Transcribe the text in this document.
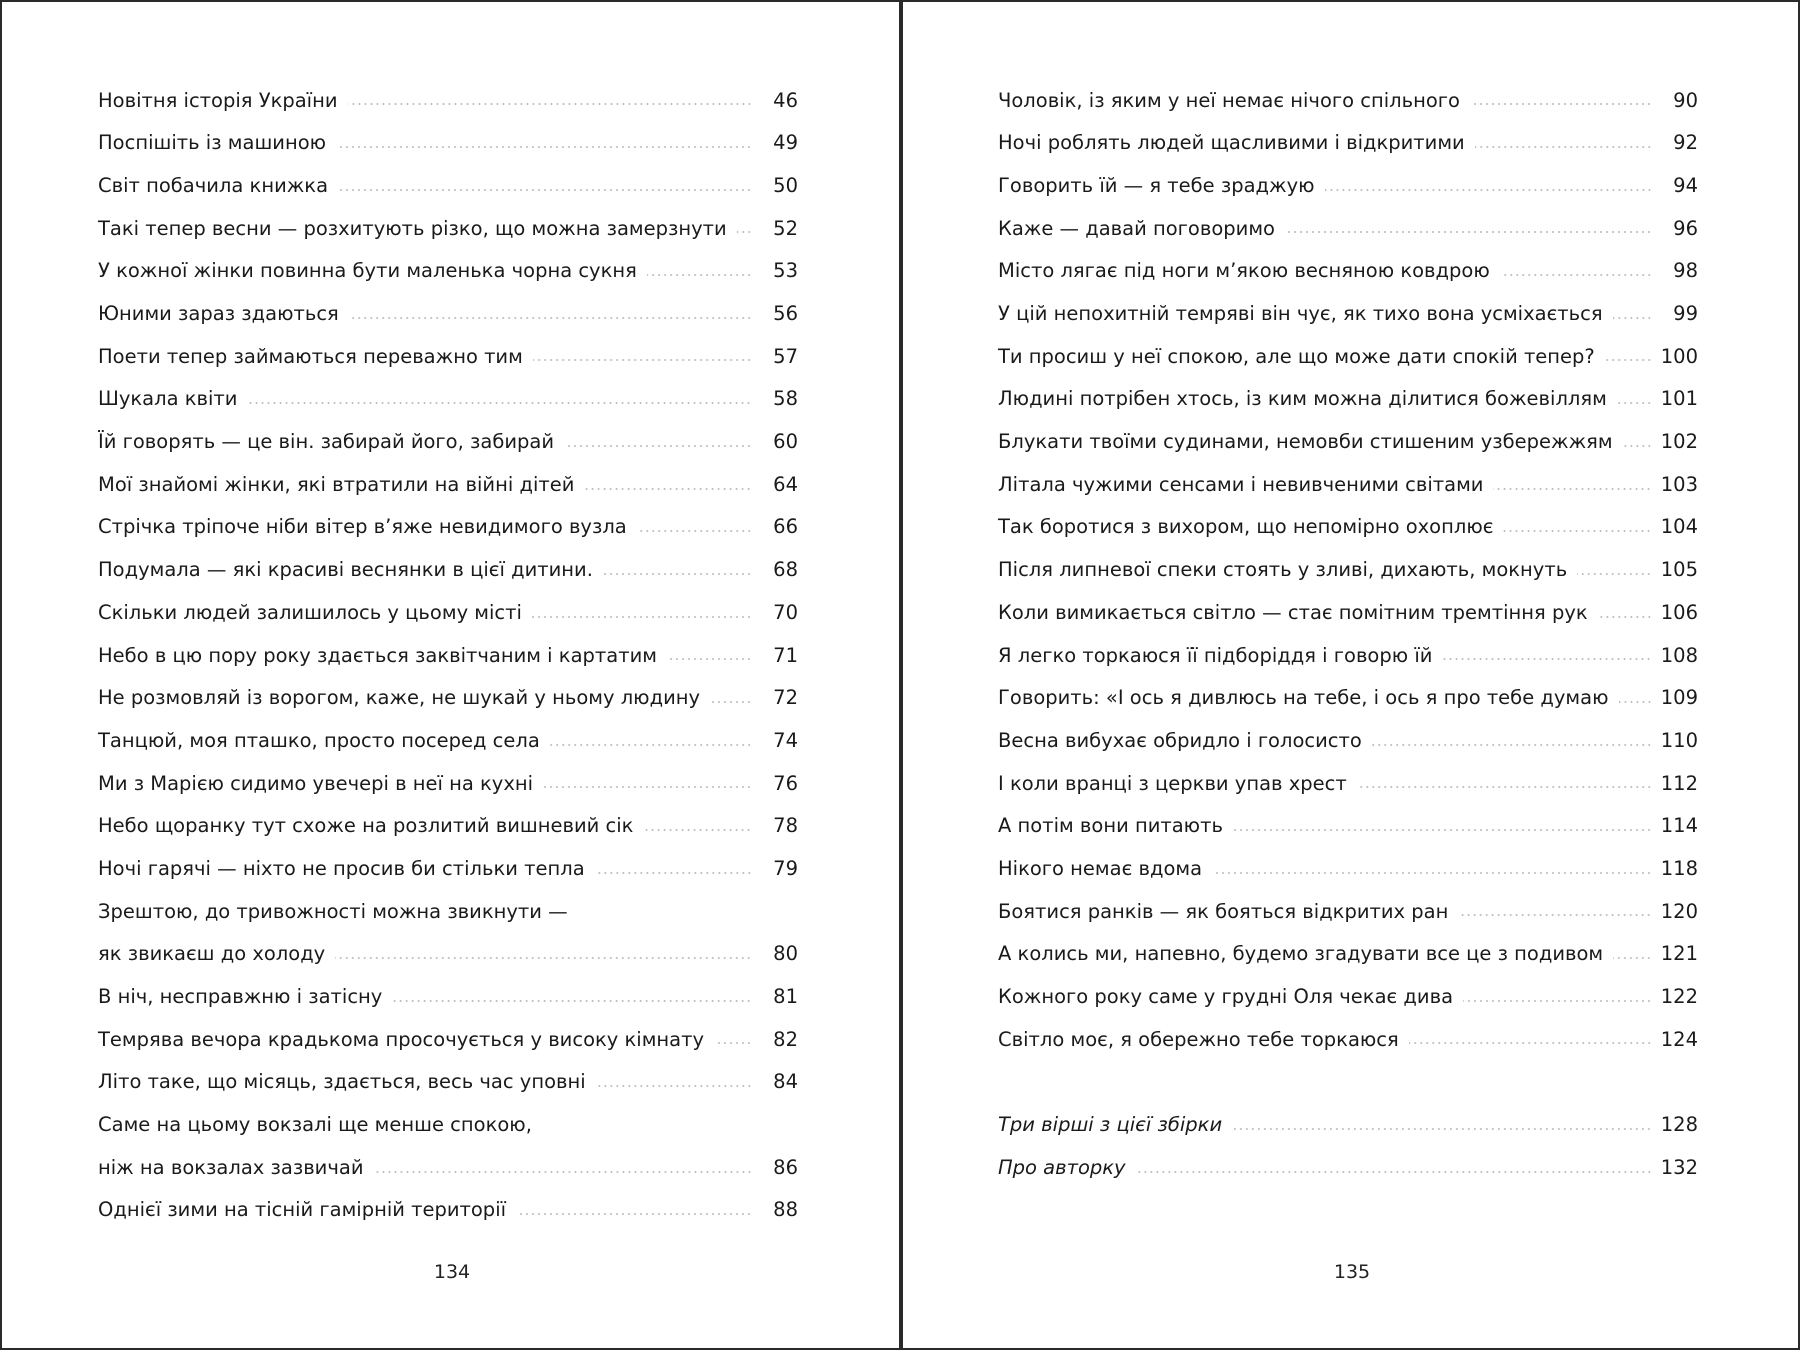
Новітня історія України	46
Поспішіть із машиною	49
Світ побачила книжка	50
Такі тепер весни — розхитують різко, що можна замерзнути	52
У кожної жінки повинна бути маленька чорна сукня	53
Юними зараз здаються	56
Поети тепер займаються переважно тим	57
Шукала квіти	58
Їй говорять — це він. забирай його, забирай	60
Мої знайомі жінки, які втратили на війні дітей	64
Стрічка тріпоче ніби вітер в’яже невидимого вузла	66
Подумала — які красиві веснянки в цієї дитини.	68
Скільки людей залишилось у цьому місті	70
Небо в цю пору року здається заквітчаним і картатим	71
Не розмовляй із ворогом, каже, не шукай у ньому людину	72
Танцюй, моя пташко, просто посеред села	74
Ми з Марією сидимо увечері в неї на кухні	76
Небо щоранку тут схоже на розлитий вишневий сік	78
Ночі гарячі — ніхто не просив би стільки тепла	79
Зрештою, до тривожності можна звикнути —
як звикаєш до холоду	80
В ніч, несправжню і затісну	81
Темрява вечора крадькома просочується у високу кімнату	82
Літо таке, що місяць, здається, весь час уповні	84
Саме на цьому вокзалі ще менше спокою,
ніж на вокзалах зазвичай	86
Однієї зими на тісній гамірній території	88
134
Чоловік, із яким у неї немає нічого спільного	90
Ночі роблять людей щасливими і відкритими	92
Говорить їй — я тебе зраджую	94
Каже — давай поговоримо	96
Місто лягає під ноги м’якою весняною ковдрою	98
У цій непохитній темряві він чує, як тихо вона усміхається	99
Ти просиш у неї спокою, але що може дати спокій тепер?	100
Людині потрібен хтось, із ким можна ділитися божевіллям	101
Блукати твоїми судинами, немовби стишеним узбережжям 102
Літала чужими сенсами і невивченими світами	103
Так боротися з вихором, що непомірно охоплює	104
Після липневої спеки стоять у зливі, дихають, мокнуть	105
Коли вимикається світло — стає помітним тремтіння рук	106
Я легко торкаюся її підборіддя і говорю їй	108
Говорить: «І ось я дивлюсь на тебе, і ось я про тебе думаю	109
Весна вибухає обридло і голосисто	110
І коли вранці з церкви упав хрест	112
А потім вони питають	114
Нікого немає вдома	118
Боятися ранків — як бояться відкритих ран	120
А колись ми, напевно, будемо згадувати все це з подивом	121
Кожного року саме у грудні Оля чекає дива	122
Світло моє, я обережно тебе торкаюся	124
Три вірші з цієї збірки	128
Про авторку	132
135
